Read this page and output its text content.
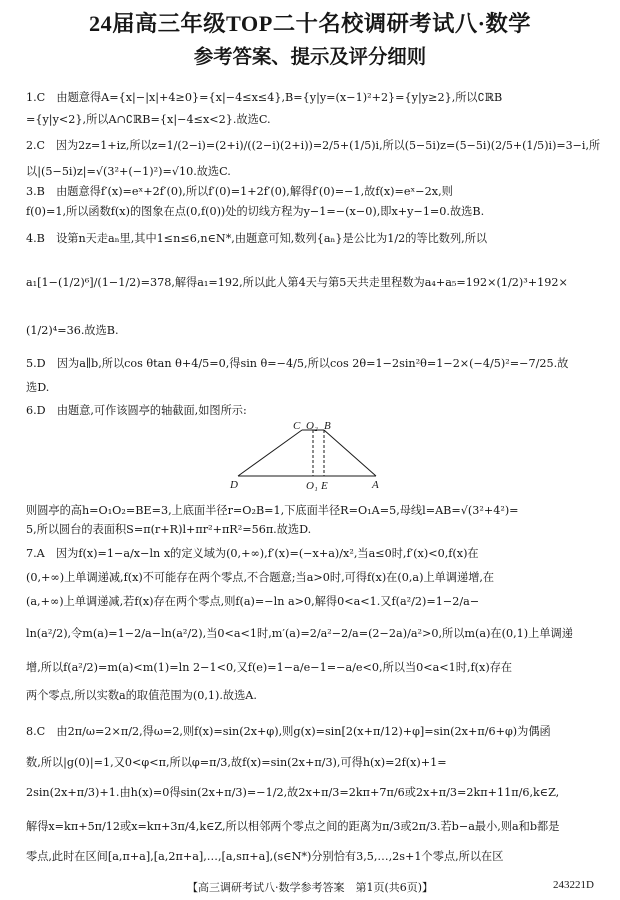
24届高三年级TOP二十名校调研考试八·数学
参考答案、提示及评分细则
1.C　由题意得A={x|−|x|+4≥0}={x|−4≤x≤4},B={y|y=(x−1)²+2}={y|y≥2},所以∁ℝB
={y|y<2},所以A∩∁ℝB={x|−4≤x<2}.故选C.
2.C　因为2z=1+iz,所以z=1/(2−i)=(2+i)/((2−i)(2+i))=2/5+(1/5)i,所以(5−5i)z=(5−5i)(2/5+(1/5)i)=3−i,所
以|(5−5i)z|=√(3²+(−1)²)=√10.故选C.
3.B　由题意得f′(x)=eˣ+2f′(0),所以f′(0)=1+2f′(0),解得f′(0)=−1,故f(x)=eˣ−2x,则
f(0)=1,所以函数f(x)的图象在点(0,f(0))处的切线方程为y−1=−(x−0),即x+y−1=0.故选B.
4.B　设第n天走aₙ里,其中1≤n≤6,n∈N*,由题意可知,数列{aₙ}是公比为1/2的等比数列,所以
a₁[1−(1/2)⁶]/(1−1/2)=378,解得a₁=192,所以此人第4天与第5天共走里程数为a₄+a₅=192×(1/2)³+192×
(1/2)⁴=36.故选B.
5.D　因为a∥b,所以cos θtan θ+4/5=0,得sin θ=−4/5,所以cos 2θ=1−2sin²θ=1−2×(−4/5)²=−7/25.故
选D.
6.D　由题意,可作该圆亭的轴截面,如图所示:
C O₂ B
D	O₁ E	A
则圆亭的高h=O₁O₂=BE=3,上底面半径r=O₂B=1,下底面半径R=O₁A=5,母线l=AB=√(3²+4²)=
5,所以圆台的表面积S=π(r+R)l+πr²+πR²=56π.故选D.
7.A　因为f(x)=1−a/x−ln x的定义域为(0,+∞),f′(x)=(−x+a)/x²,当a≤0时,f′(x)<0,f(x)在
(0,+∞)上单调递减,f(x)不可能存在两个零点,不合题意;当a>0时,可得f(x)在(0,a)上单调递增,在
(a,+∞)上单调递减,若f(x)存在两个零点,则f(a)=−ln a>0,解得0<a<1.又f(a²/2)=1−2/a−
ln(a²/2),令m(a)=1−2/a−ln(a²/2),当0<a<1时,m′(a)=2/a²−2/a=(2−2a)/a²>0,所以m(a)在(0,1)上单调递
增,所以f(a²/2)=m(a)<m(1)=ln 2−1<0,又f(e)=1−a/e−1=−a/e<0,所以当0<a<1时,f(x)存在
两个零点,所以实数a的取值范围为(0,1).故选A.
8.C　由2π/ω=2×π/2,得ω=2,则f(x)=sin(2x+φ),则g(x)=sin[2(x+π/12)+φ]=sin(2x+π/6+φ)为偶函
数,所以|g(0)|=1,又0<φ<π,所以φ=π/3,故f(x)=sin(2x+π/3),可得h(x)=2f(x)+1=
2sin(2x+π/3)+1.由h(x)=0得sin(2x+π/3)=−1/2,故2x+π/3=2kπ+7π/6或2x+π/3=2kπ+11π/6,k∈Z,
解得x=kπ+5π/12或x=kπ+3π/4,k∈Z,所以相邻两个零点之间的距离为π/3或2π/3.若b−a最小,则a和b都是
零点,此时在区间[a,π+a],[a,2π+a],…,[a,sπ+a],(s∈N*)分别恰有3,5,…,2s+1个零点,所以在区
【高三调研考试八·数学参考答案　第1页(共6页)】	243221D
